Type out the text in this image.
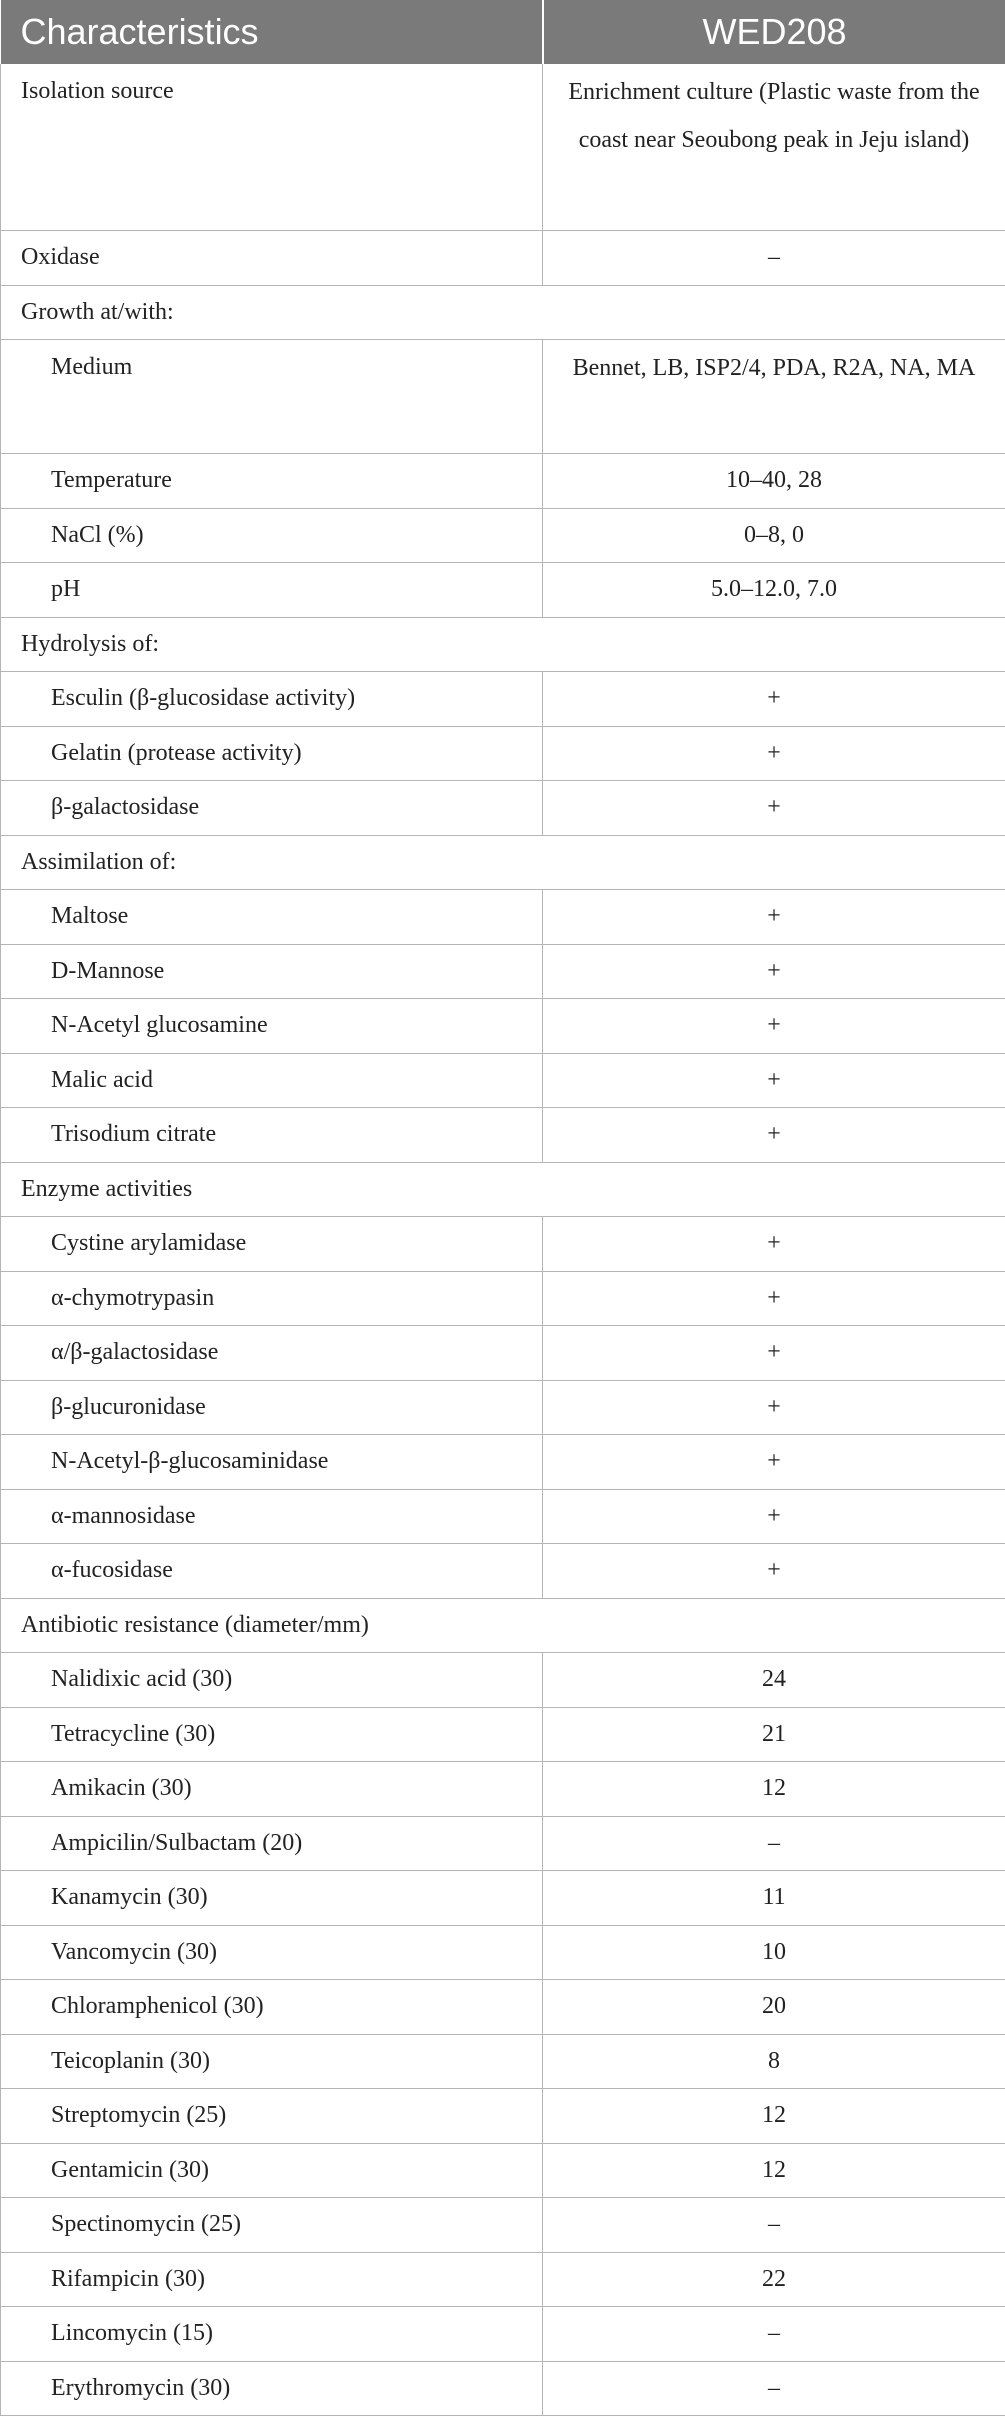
Characteristics	WED208
Isolation source	Enrichment culture (Plastic waste from the coast near Seoubong peak in Jeju island)
Oxidase	–
Growth at/with:	
Medium	Bennet, LB, ISP2/4, PDA, R2A, NA, MA
Temperature	10–40, 28
NaCl (%)	0–8, 0
pH	5.0–12.0, 7.0
Hydrolysis of:	
Esculin (β-glucosidase activity)	+
Gelatin (protease activity)	+
β-galactosidase	+
Assimilation of:	
Maltose	+
D-Mannose	+
N-Acetyl glucosamine	+
Malic acid	+
Trisodium citrate	+
Enzyme activities	
Cystine arylamidase	+
α-chymotrypasin	+
α/β-galactosidase	+
β-glucuronidase	+
N-Acetyl-β-glucosaminidase	+
α-mannosidase	+
α-fucosidase	+
Antibiotic resistance (diameter/mm)	
Nalidixic acid (30)	24
Tetracycline (30)	21
Amikacin (30)	12
Ampicilin/Sulbactam (20)	–
Kanamycin (30)	11
Vancomycin (30)	10
Chloramphenicol (30)	20
Teicoplanin (30)	8
Streptomycin (25)	12
Gentamicin (30)	12
Spectinomycin (25)	–
Rifampicin (30)	22
Lincomycin (15)	–
Erythromycin (30)	–
